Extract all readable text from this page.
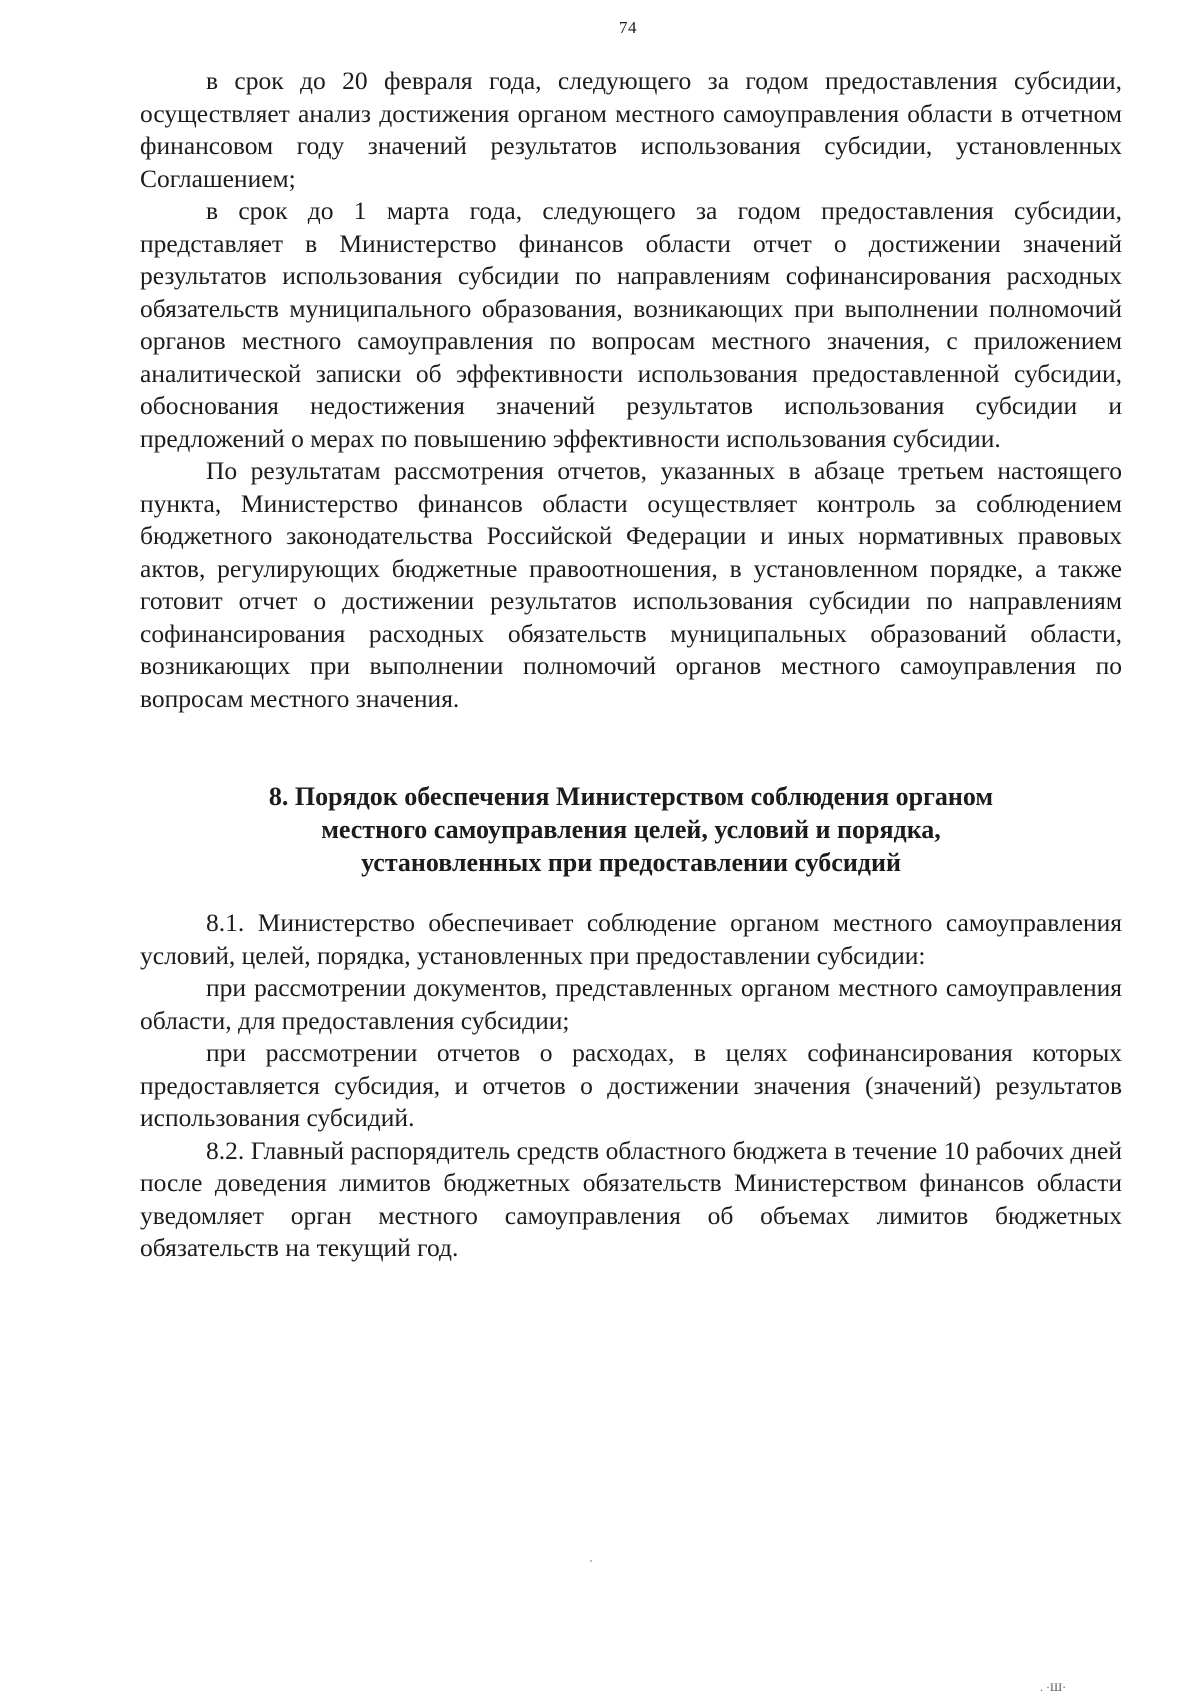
74

в срок до 20 февраля года, следующего за годом предоставления субсидии, осуществляет анализ достижения органом местного самоуправления области в отчетном финансовом году значений результатов использования субсидии, установленных Соглашением;

в срок до 1 марта года, следующего за годом предоставления субсидии, представляет в Министерство финансов области отчет о достижении значений результатов использования субсидии по направлениям софинансирования расходных обязательств муниципального образования, возникающих при выполнении полномочий органов местного самоуправления по вопросам местного значения, с приложением аналитической записки об эффективности использования предоставленной субсидии, обоснования недостижения значений результатов использования субсидии и предложений о мерах по повышению эффективности использования субсидии.

По результатам рассмотрения отчетов, указанных в абзаце третьем настоящего пункта, Министерство финансов области осуществляет контроль за соблюдением бюджетного законодательства Российской Федерации и иных нормативных правовых актов, регулирующих бюджетные правоотношения, в установленном порядке, а также готовит отчет о достижении результатов использования субсидии по направлениям софинансирования расходных обязательств муниципальных образований области, возникающих при выполнении полномочий органов местного самоуправления по вопросам местного значения.

8. Порядок обеспечения Министерством соблюдения органом
местного самоуправления целей, условий и порядка,
установленных при предоставлении субсидий

8.1. Министерство обеспечивает соблюдение органом местного самоуправления условий, целей, порядка, установленных при предоставлении субсидии:

при рассмотрении документов, представленных органом местного самоуправления области, для предоставления субсидии;

при рассмотрении отчетов о расходах, в целях софинансирования которых предоставляется субсидия, и отчетов о достижении значения (значений) результатов использования субсидий.

8.2. Главный распорядитель средств областного бюджета в течение 10 рабочих дней после доведения лимитов бюджетных обязательств Министерством финансов области уведомляет орган местного самоуправления об объемах лимитов бюджетных обязательств на текущий год.

. ·Ш·
